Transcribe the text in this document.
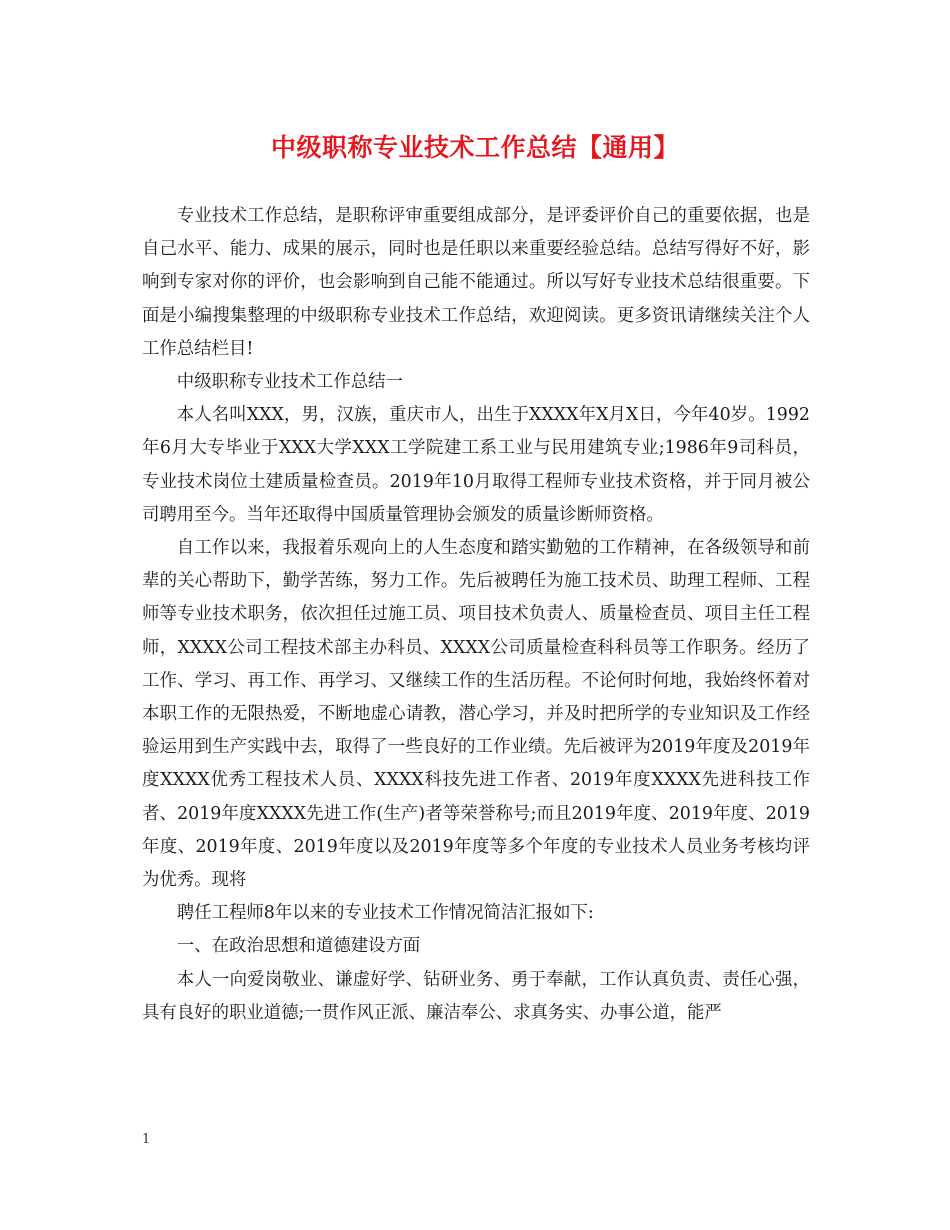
中级职称专业技术工作总结【通用】

专业技术工作总结，是职称评审重要组成部分，是评委评价自己的重要依据，也是自己水平、能力、成果的展示，同时也是任职以来重要经验总结。总结写得好不好，影响到专家对你的评价，也会影响到自己能不能通过。所以写好专业技术总结很重要。下面是小编搜集整理的中级职称专业技术工作总结，欢迎阅读。更多资讯请继续关注个人工作总结栏目!

中级职称专业技术工作总结一

本人名叫XXX，男，汉族，重庆市人，出生于XXXX年X月X日，今年40岁。1992年6月大专毕业于XXX大学XXX工学院建工系工业与民用建筑专业;1986年9司科员，专业技术岗位土建质量检查员。2019年10月取得工程师专业技术资格，并于同月被公司聘用至今。当年还取得中国质量管理协会颁发的质量诊断师资格。

自工作以来，我报着乐观向上的人生态度和踏实勤勉的工作精神，在各级领导和前辈的关心帮助下，勤学苦练，努力工作。先后被聘任为施工技术员、助理工程师、工程师等专业技术职务，依次担任过施工员、项目技术负责人、质量检查员、项目主任工程师，XXXX公司工程技术部主办科员、XXXX公司质量检查科科员等工作职务。经历了工作、学习、再工作、再学习、又继续工作的生活历程。不论何时何地，我始终怀着对本职工作的无限热爱，不断地虚心请教，潜心学习，并及时把所学的专业知识及工作经验运用到生产实践中去，取得了一些良好的工作业绩。先后被评为2019年度及2019年度XXXX优秀工程技术人员、XXXX科技先进工作者、2019年度XXXX先进科技工作者、2019年度XXXX先进工作(生产)者等荣誉称号;而且2019年度、2019年度、2019年度、2019年度、2019年度以及2019年度等多个年度的专业技术人员业务考核均评为优秀。现将

聘任工程师8年以来的专业技术工作情况简洁汇报如下:

一、在政治思想和道德建设方面

本人一向爱岗敬业、谦虚好学、钻研业务、勇于奉献，工作认真负责、责任心强，具有良好的职业道德;一贯作风正派、廉洁奉公、求真务实、办事公道，能严

1
